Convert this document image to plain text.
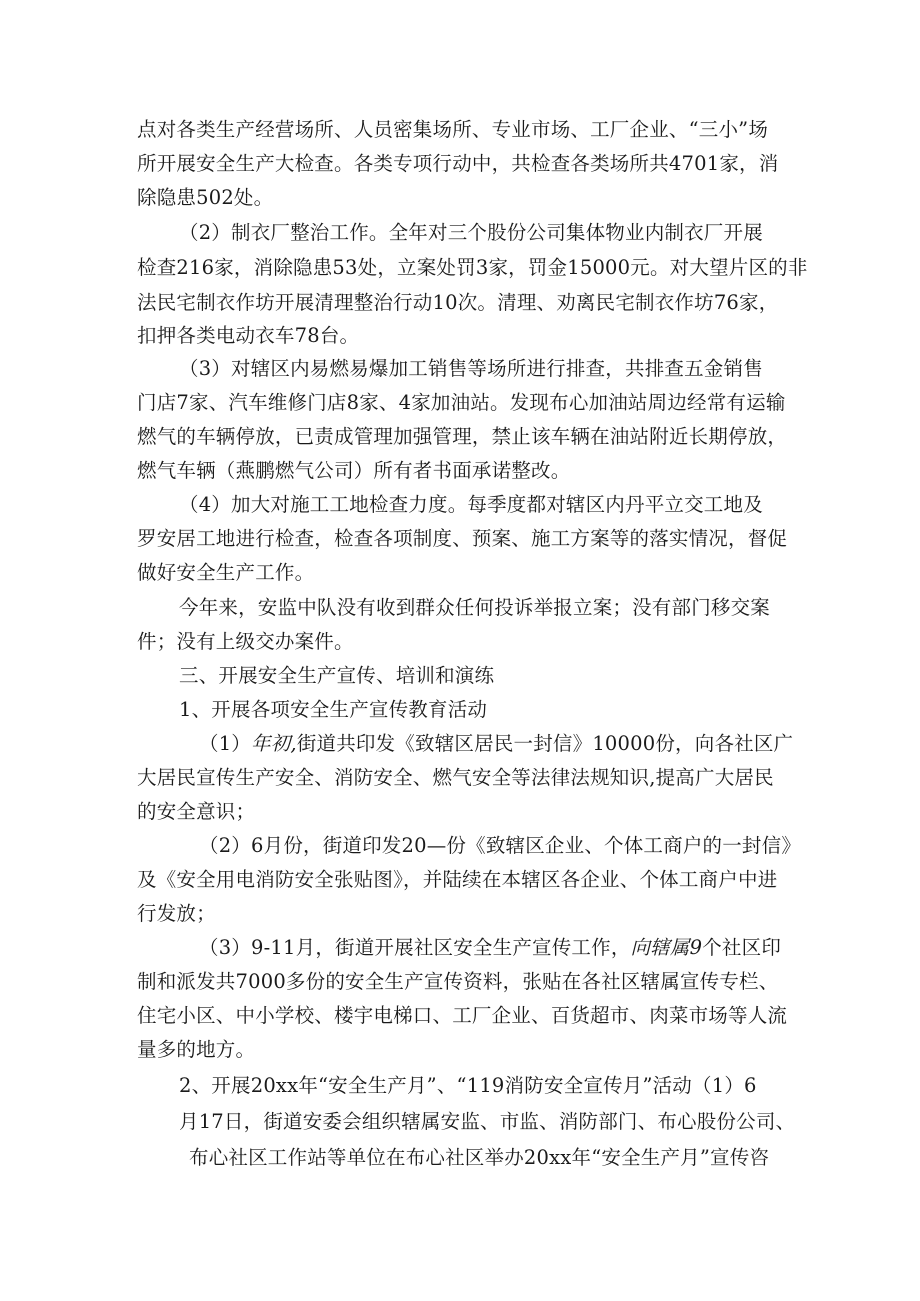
点对各类生产经营场所、人员密集场所、专业市场、工厂企业、“三小”场
所开展安全生产大检查。各类专项行动中，共检查各类场所共4701家，消
除隐患502处。
（2）制衣厂整治工作。全年对三个股份公司集体物业内制衣厂开展
检查216家，消除隐患53处，立案处罚3家，罚金15000元。对大望片区的非
法民宅制衣作坊开展清理整治行动10次。清理、劝离民宅制衣作坊76家，
扣押各类电动衣车78台。
（3）对辖区内易燃易爆加工销售等场所进行排查，共排查五金销售
门店7家、汽车维修门店8家、4家加油站。发现布心加油站周边经常有运输
燃气的车辆停放，已责成管理加强管理，禁止该车辆在油站附近长期停放，
燃气车辆（燕鹏燃气公司）所有者书面承诺整改。
（4）加大对施工工地检查力度。每季度都对辖区内丹平立交工地及
罗安居工地进行检查，检查各项制度、预案、施工方案等的落实情况，督促
做好安全生产工作。
今年来，安监中队没有收到群众任何投诉举报立案；没有部门移交案
件；没有上级交办案件。
三、开展安全生产宣传、培训和演练
1、开展各项安全生产宣传教育活动
（1）年初,街道共印发《致辖区居民一封信》10000份，向各社区广
大居民宣传生产安全、消防安全、燃气安全等法律法规知识,提高广大居民
的安全意识；
（2）6月份，街道印发20—份《致辖区企业、个体工商户的一封信》
及《安全用电消防安全张贴图》，并陆续在本辖区各企业、个体工商户中进
行发放；
（3）9-11月，街道开展社区安全生产宣传工作，向辖属9个社区印
制和派发共7000多份的安全生产宣传资料，张贴在各社区辖属宣传专栏、
住宅小区、中小学校、楼宇电梯口、工厂企业、百货超市、肉菜市场等人流
量多的地方。
2、开展20xx年“安全生产月”、“119消防安全宣传月”活动（1）6
月17日，街道安委会组织辖属安监、市监、消防部门、布心股份公司、
布心社区工作站等单位在布心社区举办20xx年“安全生产月”宣传咨
